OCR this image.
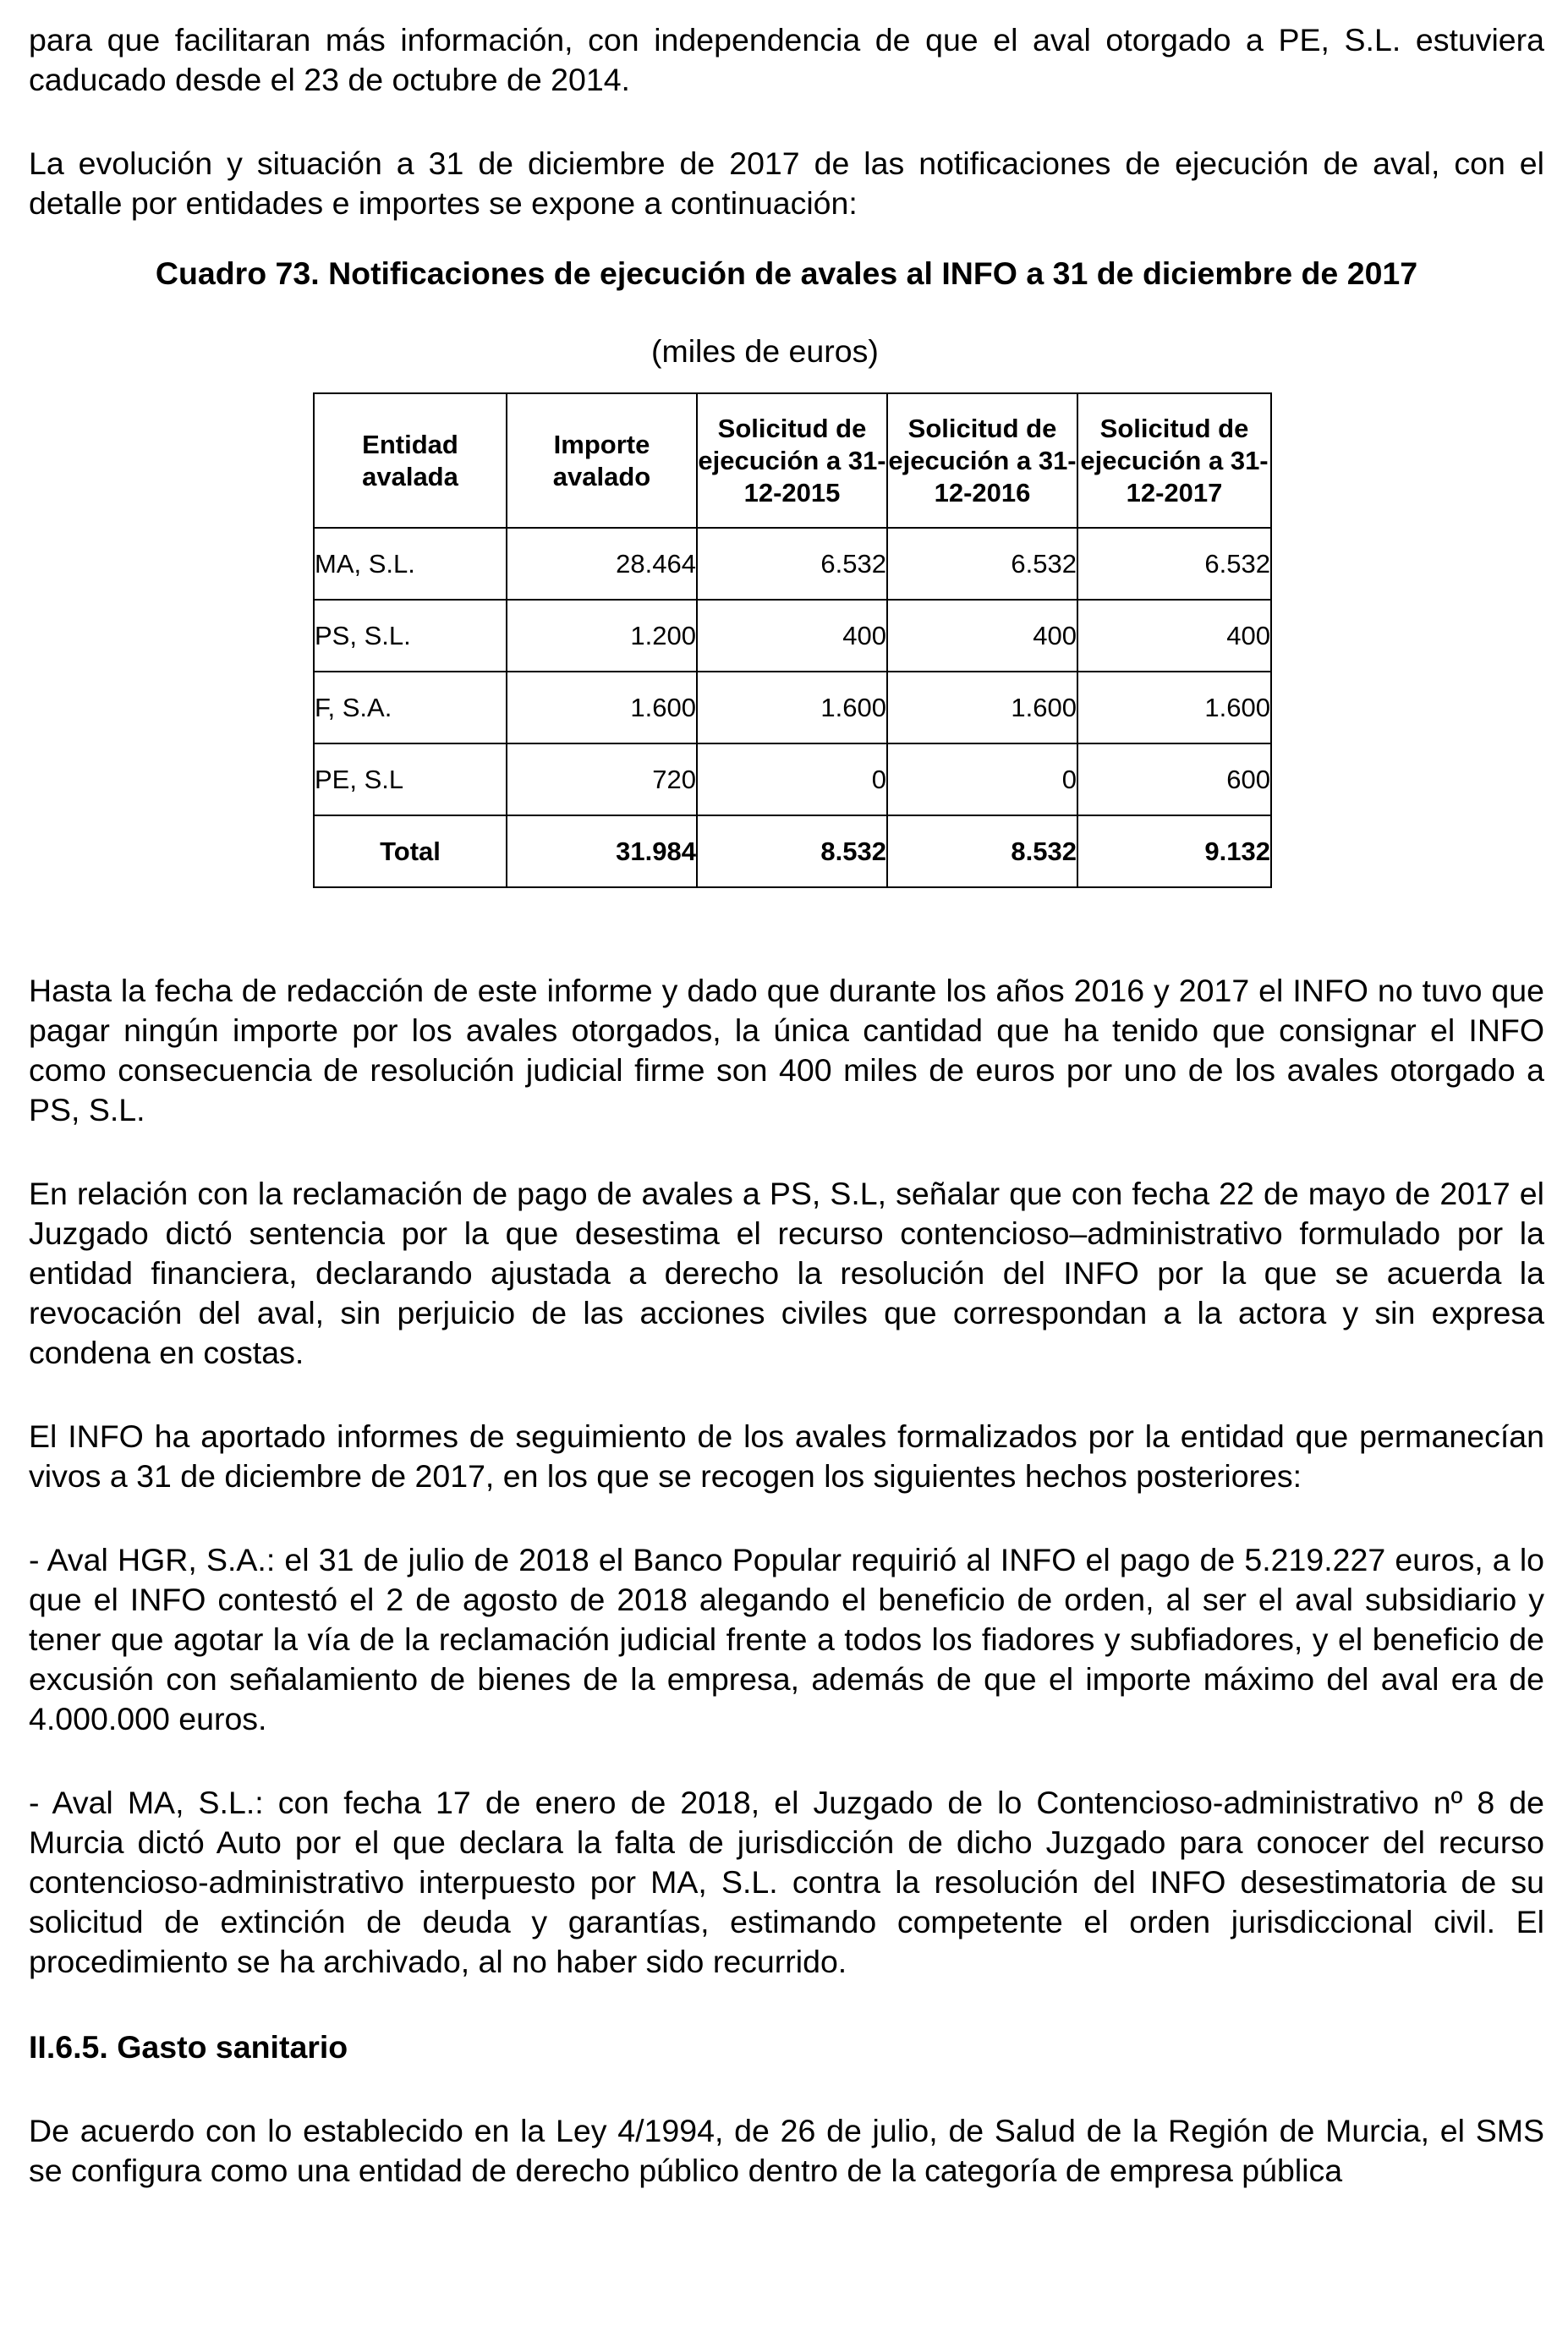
para que facilitaran más información, con independencia de que el aval otorgado a PE, S.L. estuviera caducado desde el 23 de octubre de 2014.

La evolución y situación a 31 de diciembre de 2017 de las notificaciones de ejecución de aval, con el detalle por entidades e importes se expone a continuación:

Cuadro 73. Notificaciones de ejecución de avales al INFO a 31 de diciembre de 2017

(miles de euros)

Entidad avalada	Importe avalado	Solicitud de ejecución a 31-12-2015	Solicitud de ejecución a 31-12-2016	Solicitud de ejecución a 31-12-2017
MA, S.L.	28.464	6.532	6.532	6.532
PS, S.L.	1.200	400	400	400
F, S.A.	1.600	1.600	1.600	1.600
PE, S.L	720	0	0	600
Total	31.984	8.532	8.532	9.132

Hasta la fecha de redacción de este informe y dado que durante los años 2016 y 2017 el INFO no tuvo que pagar ningún importe por los avales otorgados, la única cantidad que ha tenido que consignar el INFO como consecuencia de resolución judicial firme son 400 miles de euros por uno de los avales otorgado a PS, S.L.

En relación con la reclamación de pago de avales a PS, S.L, señalar que con fecha 22 de mayo de 2017 el Juzgado dictó sentencia por la que desestima el recurso contencioso–administrativo formulado por la entidad financiera, declarando ajustada a derecho la resolución del INFO por la que se acuerda la revocación del aval, sin perjuicio de las acciones civiles que correspondan a la actora y sin expresa condena en costas.

El INFO ha aportado informes de seguimiento de los avales formalizados por la entidad que permanecían vivos a 31 de diciembre de 2017, en los que se recogen los siguientes hechos posteriores:

- Aval HGR, S.A.: el 31 de julio de 2018 el Banco Popular requirió al INFO el pago de 5.219.227 euros, a lo que el INFO contestó el 2 de agosto de 2018 alegando el beneficio de orden, al ser el aval subsidiario y tener que agotar la vía de la reclamación judicial frente a todos los fiadores y subfiadores, y el beneficio de excusión con señalamiento de bienes de la empresa, además de que el importe máximo del aval era de 4.000.000 euros.

- Aval MA, S.L.: con fecha 17 de enero de 2018, el Juzgado de lo Contencioso-administrativo nº 8 de Murcia dictó Auto por el que declara la falta de jurisdicción de dicho Juzgado para conocer del recurso contencioso-administrativo interpuesto por MA, S.L. contra la resolución del INFO desestimatoria de su solicitud de extinción de deuda y garantías, estimando competente el orden jurisdiccional civil. El procedimiento se ha archivado, al no haber sido recurrido.

II.6.5. Gasto sanitario

De acuerdo con lo establecido en la Ley 4/1994, de 26 de julio, de Salud de la Región de Murcia, el SMS se configura como una entidad de derecho público dentro de la categoría de empresa pública
